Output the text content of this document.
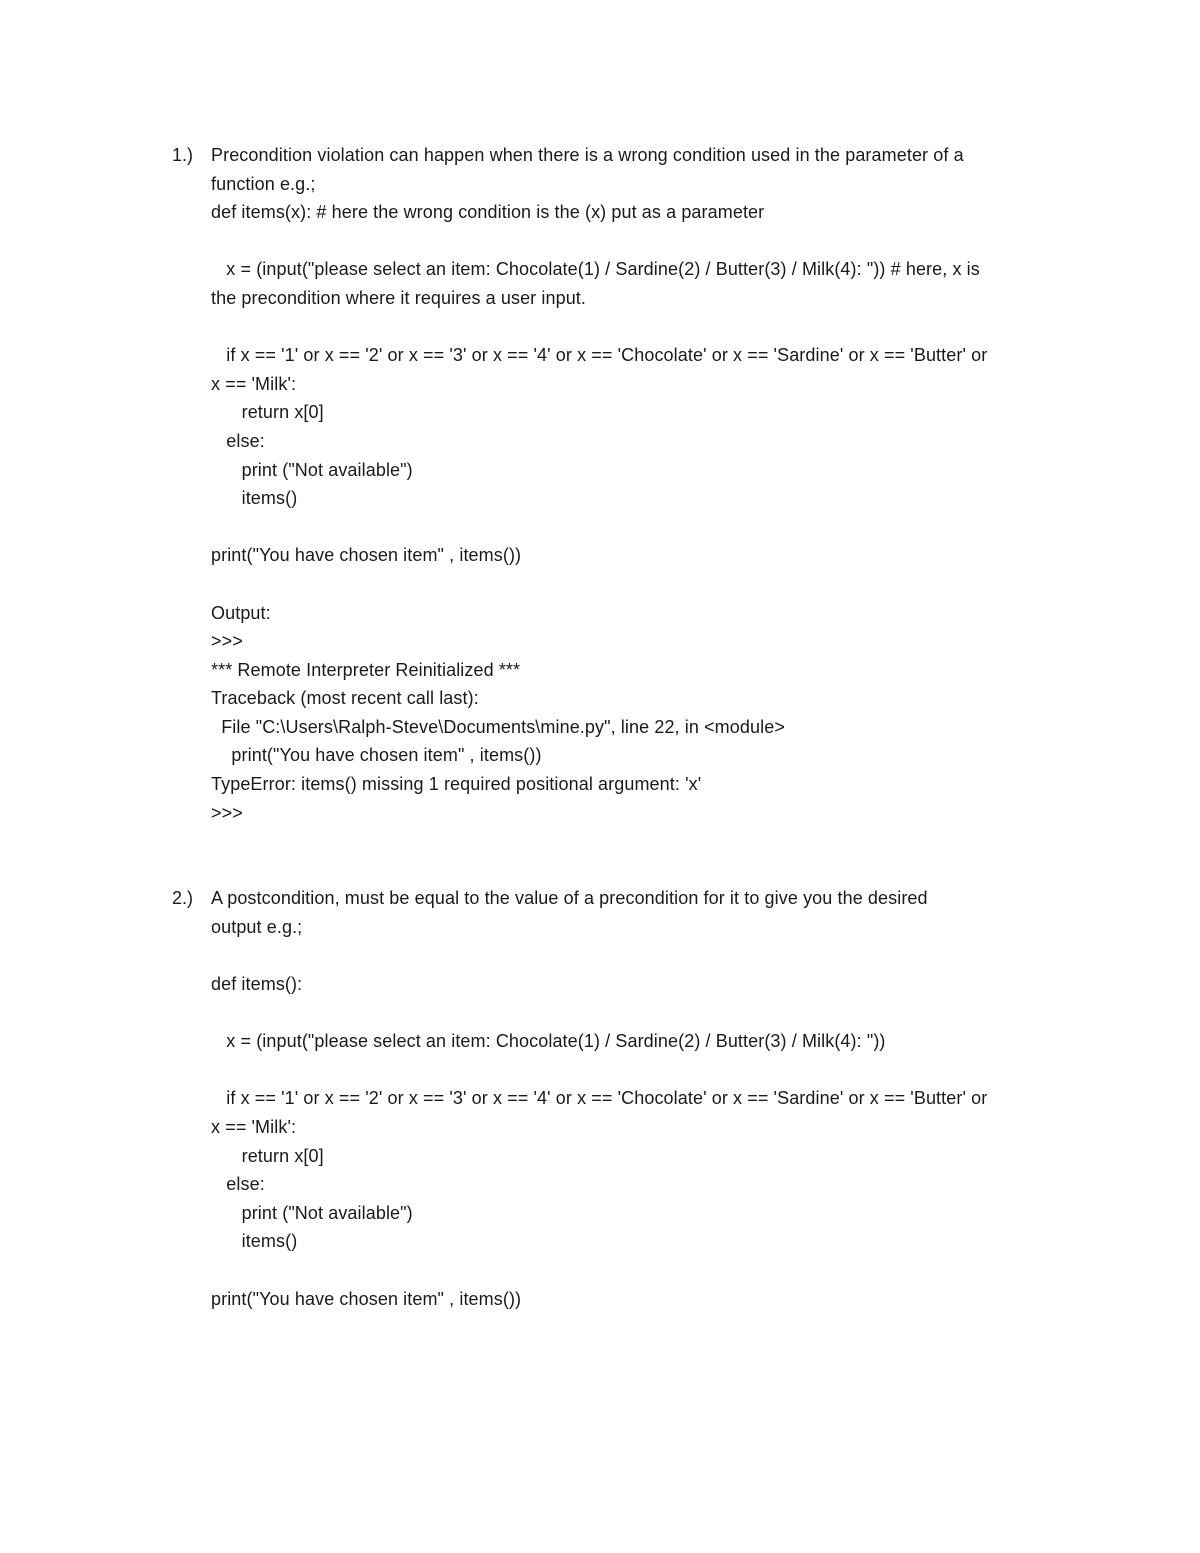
1.) Precondition violation can happen when there is a wrong condition used in the parameter of a
function e.g.;
def items(x): # here the wrong condition is the (x) put as a parameter
x = (input("please select an item: Chocolate(1) / Sardine(2) / Butter(3) / Milk(4): ")) # here, x is
the precondition where it requires a user input.
if x == '1' or x == '2' or x == '3' or x == '4' or x == 'Chocolate' or x == 'Sardine' or x == 'Butter' or
x == 'Milk':
return x[0]
else:
print ("Not available")
items()
print("You have chosen item" , items())
Output:
>>>
*** Remote Interpreter Reinitialized ***
Traceback (most recent call last):
File "C:\Users\Ralph-Steve\Documents\mine.py", line 22, in <module>
print("You have chosen item" , items())
TypeError: items() missing 1 required positional argument: 'x'
>>>
2.) A postcondition, must be equal to the value of a precondition for it to give you the desired
output e.g.;
def items():
x = (input("please select an item: Chocolate(1) / Sardine(2) / Butter(3) / Milk(4): "))
if x == '1' or x == '2' or x == '3' or x == '4' or x == 'Chocolate' or x == 'Sardine' or x == 'Butter' or
x == 'Milk':
return x[0]
else:
print ("Not available")
items()
print("You have chosen item" , items())
